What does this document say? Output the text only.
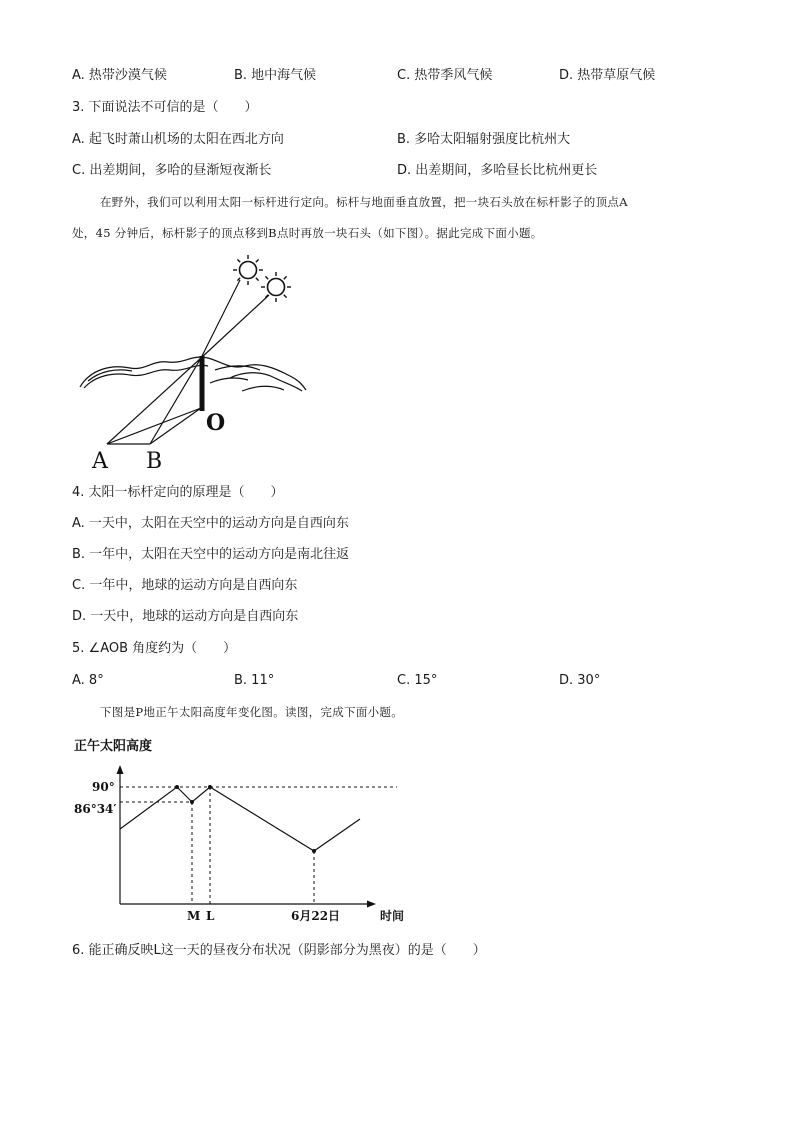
A. 热带沙漠气候	B. 地中海气候	C. 热带季风气候	D. 热带草原气候
3. 下面说法不可信的是（　　）
A. 起飞时萧山机场的太阳在西北方向	B. 多哈太阳辐射强度比杭州大
C. 出差期间，多哈的昼渐短夜渐长	D. 出差期间，多哈昼长比杭州更长
在野外，我们可以利用太阳一标杆进行定向。标杆与地面垂直放置，把一块石头放在标杆影子的顶点A
处，45 分钟后，标杆影子的顶点移到B点时再放一块石头（如下图）。据此完成下面小题。
O
A B
4. 太阳一标杆定向的原理是（　　）
A. 一天中，太阳在天空中的运动方向是自西向东
B. 一年中，太阳在天空中的运动方向是南北往返
C. 一年中，地球的运动方向是自西向东
D. 一天中，地球的运动方向是自西向东
5. ∠AOB 角度约为（　　）
A. 8°	B. 11°	C. 15°	D. 30°
下图是P地正午太阳高度年变化图。读图，完成下面小题。
正午太阳高度
90°
86°34′
M L	6月22日	时间
6. 能正确反映L这一天的昼夜分布状况（阴影部分为黑夜）的是（　　）
